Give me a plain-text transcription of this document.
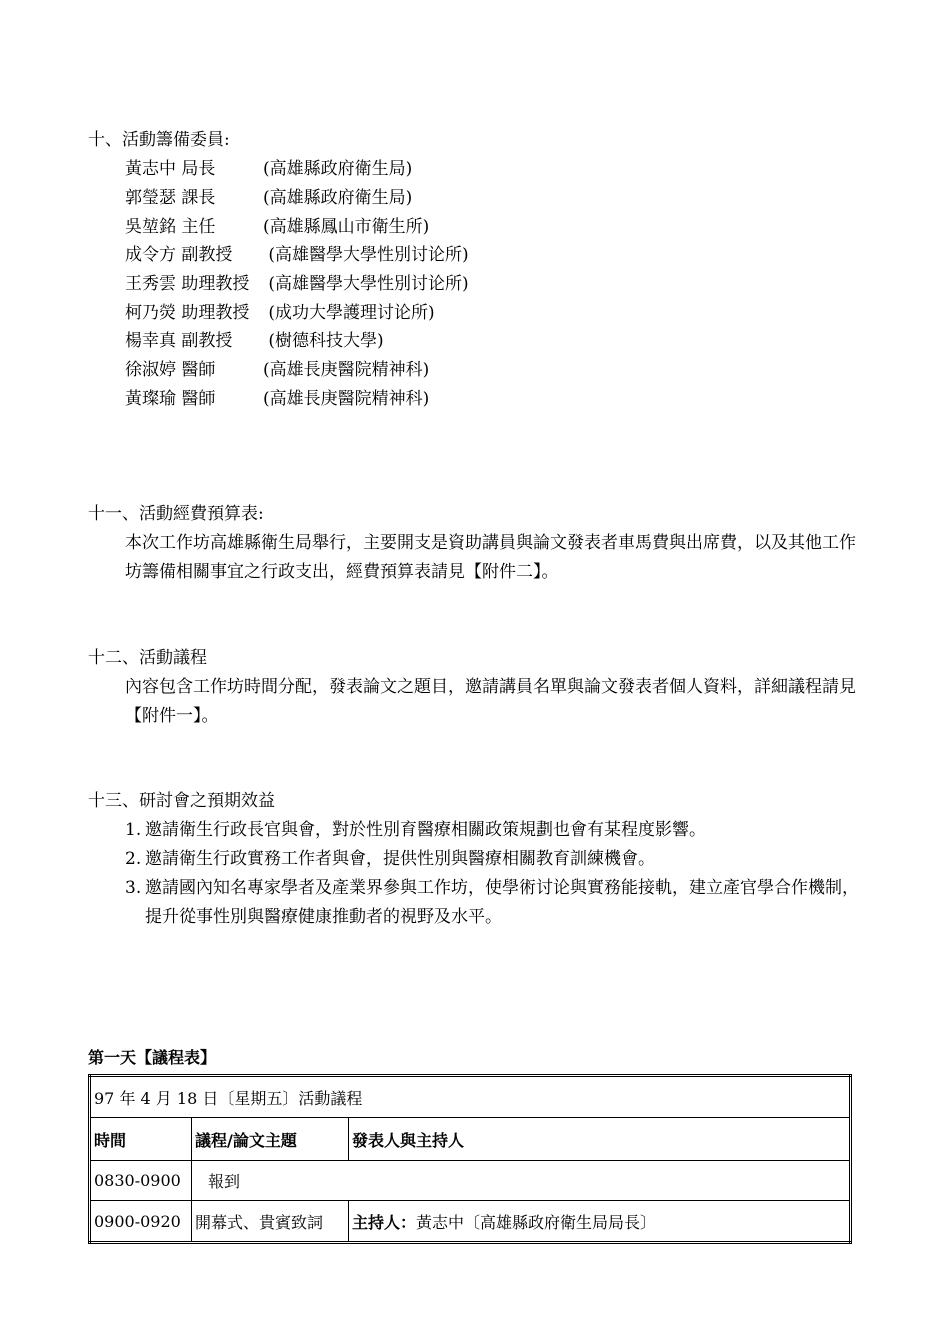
十、活動籌備委員:
黃志中 局長	(高雄縣政府衛生局)
郭瑩瑟 課長	(高雄縣政府衛生局)
吳堃銘 主任	(高雄縣鳳山市衛生所)
成令方 副教授 (高雄醫學大學性別讨论所)
王秀雲 助理教授 (高雄醫學大學性別讨论所)
柯乃熒 助理教授 (成功大學護理讨论所)
楊幸真 副教授 (樹德科技大學)
徐淑婷 醫師	(高雄長庚醫院精神科)
黃璨瑜 醫師	(高雄長庚醫院精神科)
十一、活動經費預算表:
本次工作坊高雄縣衛生局舉行，主要開支是資助講員與論文發表者車馬費與出席費，以及其他工作坊籌備相關事宜之行政支出，經費預算表請見【附件二】。
十二、活動議程
內容包含工作坊時間分配，發表論文之題目，邀請講員名單與論文發表者個人資料，詳細議程請見【附件一】。
十三、研討會之預期效益
1. 邀請衛生行政長官與會，對於性別育醫療相關政策規劃也會有某程度影響。
2. 邀請衛生行政實務工作者與會，提供性別與醫療相關教育訓練機會。
3. 邀請國內知名專家學者及產業界參與工作坊，使學術讨论與實務能接軌，建立產官學合作機制，提升從事性別與醫療健康推動者的視野及水平。
第一天【議程表】
97 年 4 月 18 日〔星期五〕活動議程		
時間	議程/論文主題	發表人與主持人
0830-0900	報到	
0900-0920	開幕式、貴賓致詞	主持人：黃志中〔高雄縣政府衛生局局長〕
